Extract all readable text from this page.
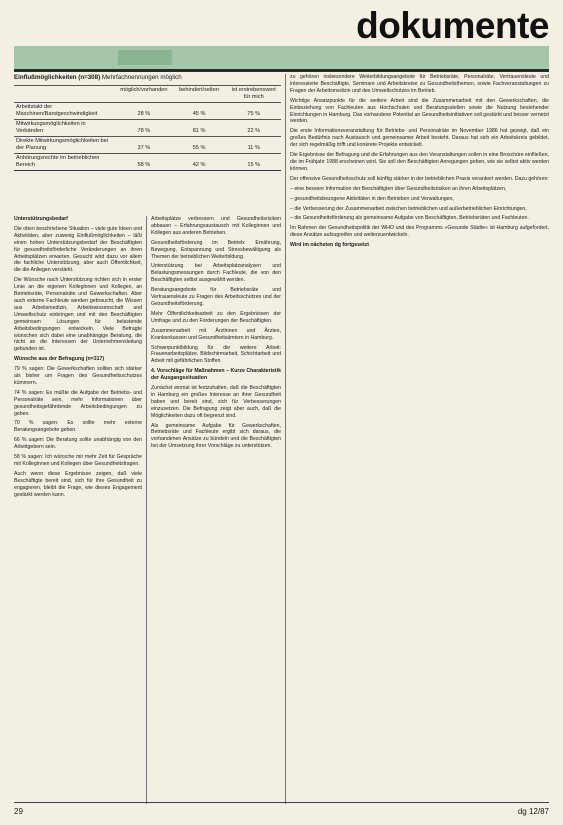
dokumente
Einflußmöglichkeiten (n=308) Mehrfachnennungen möglich
	möglich/vorhanden	behindert/selten	ist erstrebenswert für mich
Arbeitstakt der Maschinen/Bandgeschwindigkeit	28 %	45 %	75 %
Mitwirkungsmöglichkeiten in Verbänden	78 %	81 %	22 %
Direkte Mitwirkungsmöglichkeiten bei der Planung	37 %	55 %	11 %
Anhörungsrechte im betrieblichen Bereich	58 %	42 %	15 %

Unterstützungsbedarf

Die oben beschriebene Situation – viele gute Ideen und Aktivitäten, aber zuwenig Einflußmöglichkeiten – läßt einen hohen Unterstützungsbedarf der Beschäftigten für gesundheitsförderliche Veränderungen an ihren Arbeitsplätzen erwarten. Gesucht wird dazu vor allem die fachliche Unterstützung, aber auch Öffentlichkeit, die die Anliegen verstärkt.

Die Wünsche nach Unterstützung richten sich in erster Linie an die eigenen Kolleginnen und Kollegen, an Betriebsräte, Personalräte und Gewerkschaften. Aber auch externe Fachleute werden gebraucht, die Wissen aus Arbeitsmedizin, Arbeitswissenschaft und Umweltschutz einbringen und mit den Beschäftigten gemeinsam Lösungen für belastende Arbeitsbedingungen entwickeln. Viele Befragte wünschen sich dabei eine unabhängige Beratung, die nicht an die Interessen der Unternehmensleitung gebunden ist.

Wünsche aus der Befragung (n=317)

79 % sagen: Die Gewerkschaften sollten sich stärker als bisher um Fragen des Gesundheitsschutzes kümmern.

74 % sagen: Es müßte die Aufgabe der Betriebs- und Personalräte sein, mehr Informationen über gesundheitsgefährdende Arbeitsbedingungen zu geben.

70 % sagen: Es sollte mehr externe Beratungsangebote geben.

66 % sagen: Die Beratung sollte unabhängig von den Arbeitgebern sein.

58 % sagen: Ich wünsche mir mehr Zeit für Gespräche mit Kolleginnen und Kollegen über Gesundheitsfragen.

Auch wenn diese Ergebnisse zeigen, daß viele Beschäftigte bereit sind, sich für ihre Gesundheit zu engagieren, bleibt die Frage, wie dieses Engagement gestärkt werden kann.

Arbeitsplätze verbessern und Gesundheitsrisiken abbauen – Erfahrungsaustausch mit Kolleginnen und Kollegen aus anderen Betrieben.

Gesundheitsförderung im Betrieb: Ernährung, Bewegung, Entspannung und Stressbewältigung als Themen der betrieblichen Weiterbildung.

Unterstützung bei Arbeitsplatzanalysen und Belastungsmessungen durch Fachleute, die von den Beschäftigten selbst ausgewählt werden.

Beratungsangebote für Betriebsräte und Vertrauensleute zu Fragen des Arbeitsschutzes und der Gesundheitsförderung.

Mehr Öffentlichkeitsarbeit zu den Ergebnissen der Umfrage und zu den Forderungen der Beschäftigten.

Zusammenarbeit mit Ärztinnen und Ärzten, Krankenkassen und Gesundheitsämtern in Hamburg.

Schwerpunktbildung für die weitere Arbeit: Frauenarbeitsplätze, Bildschirmarbeit, Schichtarbeit und Arbeit mit gefährlichen Stoffen.

4. Vorschläge für Maßnahmen – Kurze Charakteristik der Ausgangssituation

Zunächst einmal ist festzuhalten, daß die Beschäftigten in Hamburg ein großes Interesse an ihrer Gesundheit haben und bereit sind, sich für Verbesserungen einzusetzen. Die Befragung zeigt aber auch, daß die Möglichkeiten dazu oft begrenzt sind.

Als gemeinsame Aufgabe für Gewerkschaften, Betriebsräte und Fachleute ergibt sich daraus, die vorhandenen Ansätze zu bündeln und die Beschäftigten bei der Umsetzung ihrer Vorschläge zu unterstützen.

zu gehören insbesondere Weiterbildungsangebote für Betriebsräte, Personalräte, Vertrauensleute und interessierte Beschäftigte, Seminare und Arbeitskreise zu Gesundheitsthemen, sowie Fachveranstaltungen zu Fragen der Arbeitsmedizin und des Umweltschutzes im Betrieb.

Wichtige Ansatzpunkte für die weitere Arbeit sind die Zusammenarbeit mit den Gewerkschaften, die Einbeziehung von Fachleuten aus Hochschulen und Beratungsstellen sowie die Nutzung bestehender Einrichtungen in Hamburg. Das vorhandene Potential an Gesundheitsinitiativen soll gestärkt und besser vernetzt werden.

Die erste Informationsveranstaltung für Betriebs- und Personalräte im November 1986 hat gezeigt, daß ein großes Bedürfnis nach Austausch und gemeinsamer Arbeit besteht. Daraus hat sich ein Arbeitskreis gebildet, der sich regelmäßig trifft und konkrete Projekte entwickelt.

Die Ergebnisse der Befragung und die Erfahrungen aus den Veranstaltungen sollen in eine Broschüre einfließen, die im Frühjahr 1988 erscheinen wird. Sie soll den Beschäftigten Anregungen geben, wie sie selbst aktiv werden können.

Der offensive Gesundheitsschutz soll künftig stärker in der betrieblichen Praxis verankert werden. Dazu gehören:

– eine bessere Information der Beschäftigten über Gesundheitsrisiken an ihren Arbeitsplätzen,

– gesundheitsbezogene Aktivitäten in den Betrieben und Verwaltungen,

– die Verbesserung der Zusammenarbeit zwischen betrieblichen und außerbetrieblichen Einrichtungen,

– die Gesundheitsförderung als gemeinsame Aufgabe von Beschäftigten, Betriebsräten und Fachleuten.

Im Rahmen der Gesundheitspolitik der WHO und des Programms »Gesunde Städte« ist Hamburg aufgefordert, diese Ansätze aufzugreifen und weiterzuentwickeln.

Wird im nächsten dg fortgesetzt

29	dg 12/87
